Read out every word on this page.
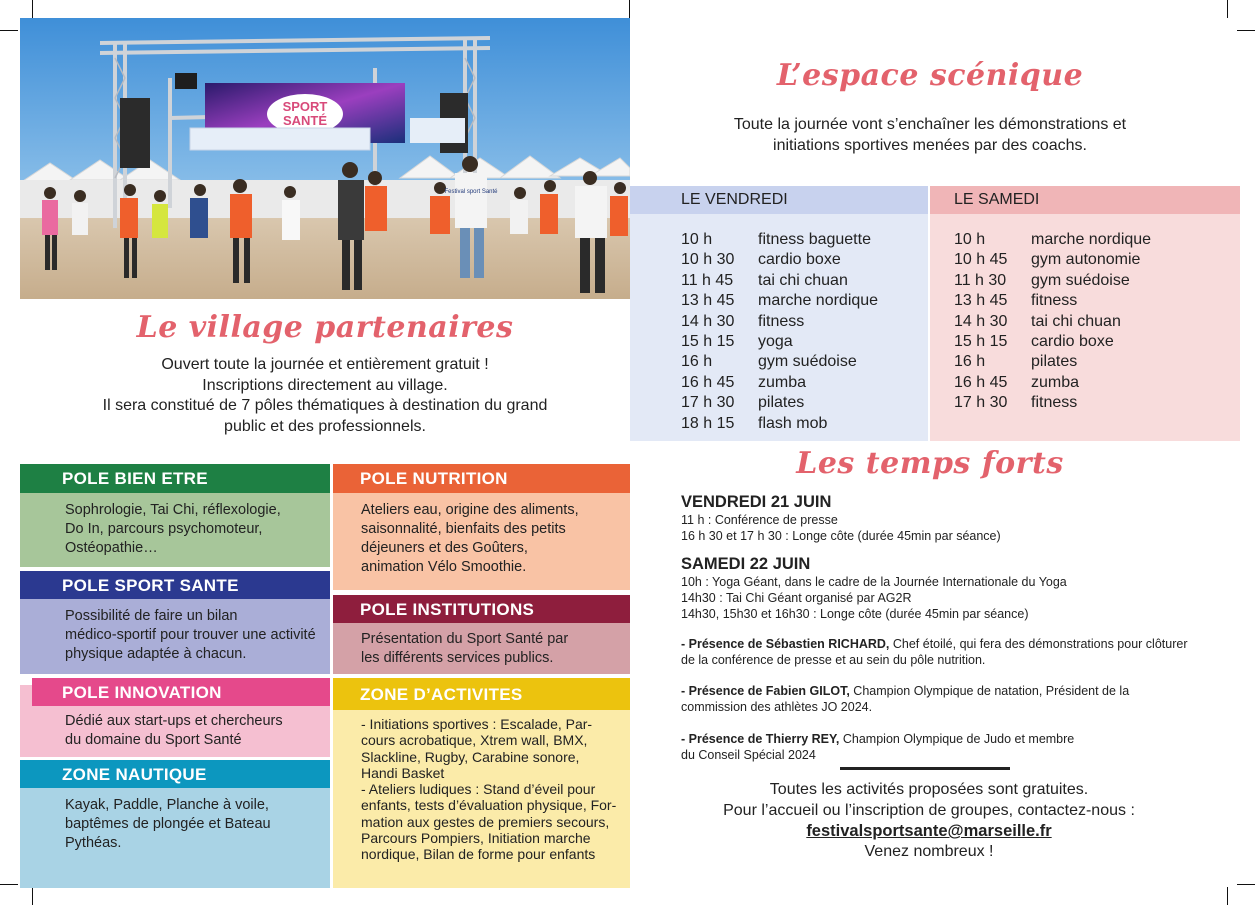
SPORT
SANTÉ
Festival sport Santé
Le village partenaires
Ouvert toute la journée et entièrement gratuit !
Inscriptions directement au village.
Il sera constitué de 7 pôles thématiques à destination du grand
public et des professionnels.
POLE BIEN ETRE
Sophrologie, Tai Chi, réflexologie,
Do In, parcours psychomoteur,
Ostéopathie…
POLE SPORT SANTE
Possibilité de faire un bilan
médico-sportif pour trouver une activité
physique adaptée à chacun.
POLE INNOVATION
Dédié aux start-ups et chercheurs
du domaine du Sport Santé
ZONE NAUTIQUE
Kayak, Paddle, Planche à voile,
baptêmes de plongée et Bateau
Pythéas.
POLE NUTRITION
Ateliers eau, origine des aliments,
saisonnalité, bienfaits des petits
déjeuners et des Goûters,
animation Vélo Smoothie.
POLE INSTITUTIONS
Présentation du Sport Santé par
les différents services publics.
ZONE D’ACTIVITES
- Initiations sportives : Escalade, Par-
cours acrobatique, Xtrem wall, BMX,
Slackline, Rugby, Carabine sonore,
Handi Basket
- Ateliers ludiques : Stand d’éveil pour
enfants, tests d’évaluation physique, For-
mation aux gestes de premiers secours,
Parcours Pompiers, Initiation marche
nordique, Bilan de forme pour enfants
L’espace scénique
Toute la journée vont s’enchaîner les démonstrations et
initiations sportives menées par des coachs.
LE VENDREDI
10 h	fitness baguette
10 h 30 cardio boxe
11 h 45 tai chi chuan
13 h 45 marche nordique
14 h 30 fitness
15 h 15 yoga
16 h	gym suédoise
16 h 45 zumba
17 h 30 pilates
18 h 15 flash mob
LE SAMEDI
10 h	marche nordique
10 h 45 gym autonomie
11 h 30 gym suédoise
13 h 45 fitness
14 h 30 tai chi chuan
15 h 15 cardio boxe
16 h	pilates
16 h 45 zumba
17 h 30 fitness
Les temps forts
VENDREDI 21 JUIN
11 h : Conférence de presse
16 h 30 et 17 h 30 : Longe côte (durée 45min par séance)
SAMEDI 22 JUIN
10h : Yoga Géant, dans le cadre de la Journée Internationale du Yoga
14h30 : Tai Chi Géant organisé par AG2R
14h30, 15h30 et 16h30 : Longe côte (durée 45min par séance)
- Présence de Sébastien RICHARD, Chef étoilé, qui fera des démonstrations pour clôturer
de la conférence de presse et au sein du pôle nutrition.
- Présence de Fabien GILOT, Champion Olympique de natation, Président de la
commission des athlètes JO 2024.
- Présence de Thierry REY, Champion Olympique de Judo et membre
du Conseil Spécial 2024
Toutes les activités proposées sont gratuites.
Pour l’accueil ou l’inscription de groupes, contactez-nous :
festivalsportsante@marseille.fr
Venez nombreux !
